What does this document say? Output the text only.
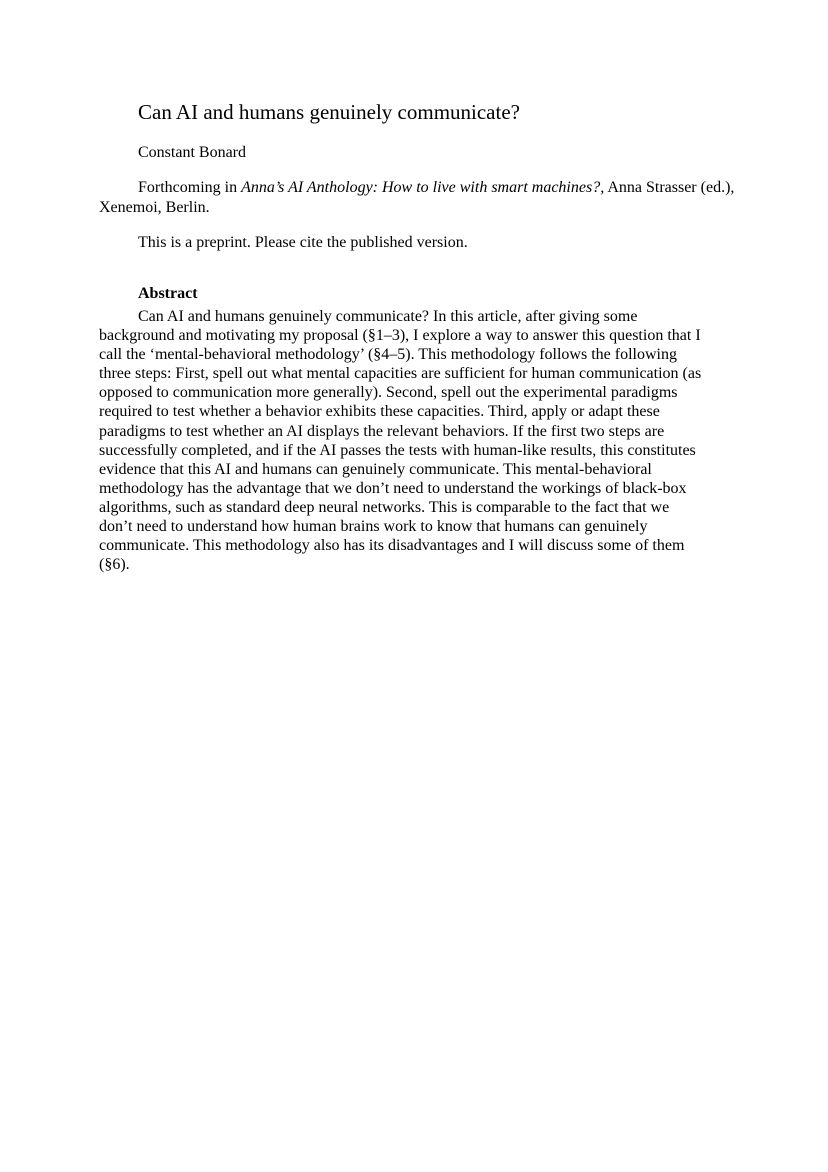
Can AI and humans genuinely communicate?
Constant Bonard
Forthcoming in Anna’s AI Anthology: How to live with smart machines?, Anna Strasser (ed.), Xenemoi, Berlin.
This is a preprint. Please cite the published version.
Abstract
Can AI and humans genuinely communicate? In this article, after giving some
background and motivating my proposal (§1–3), I explore a way to answer this question that I
call the ‘mental-behavioral methodology’ (§4–5). This methodology follows the following
three steps: First, spell out what mental capacities are sufficient for human communication (as
opposed to communication more generally). Second, spell out the experimental paradigms
required to test whether a behavior exhibits these capacities. Third, apply or adapt these
paradigms to test whether an AI displays the relevant behaviors. If the first two steps are
successfully completed, and if the AI passes the tests with human-like results, this constitutes
evidence that this AI and humans can genuinely communicate. This mental-behavioral
methodology has the advantage that we don’t need to understand the workings of black-box
algorithms, such as standard deep neural networks. This is comparable to the fact that we
don’t need to understand how human brains work to know that humans can genuinely
communicate. This methodology also has its disadvantages and I will discuss some of them
(§6).
